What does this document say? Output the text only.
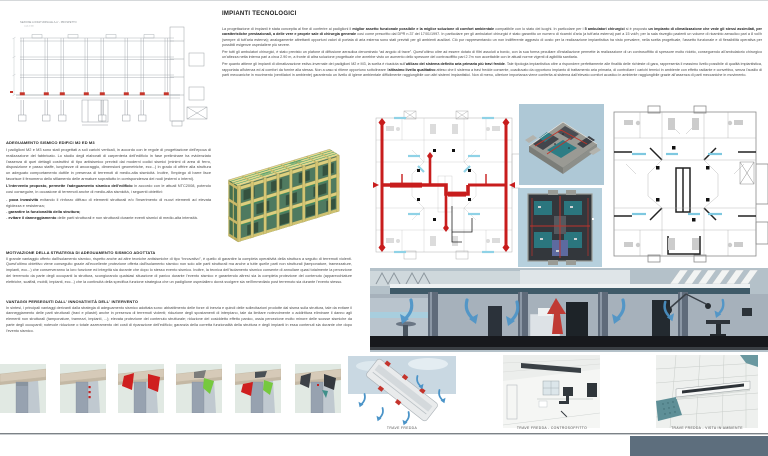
SEZIONE LONGITUDINALE A-A' - PROSPETTO
scala 1:100
IMPIANTI TECNOLOGICI

La progettazione di impianti è stata concepita al fine di conferire ai padiglioni il miglior assetto funzionale possibile e la miglior soluzione di comfort ambientale compatibile con lo stato dei luoghi. In particolare per i 5 ambulatori chirurgici si è proposto un impianto di climatizzazione che vede gli stessi assimilati, per caratteristiche prestazionali, a delle vere e proprie sale di chirurgia generale così come prescritto dal DPR n.37 del 17/01/1997. In particolare per gli ambulatori chirurgici è stato garantito un numero di ricambi d'aria (a tutt'aria esterna) pari a 15 vol/h; per la sala risveglio pazienti un volume di ricambio aeraulico pari a 8 vol/h (sempre di tutt'aria esterna); analogamente altrettanti opportuni valori di portata di aria esterna sono stati previsti per gli ambienti ausiliari. Ciò pur rappresentando un non indifferente aggravio di costo per la realizzazione impiantistica ha visto prevalere, nella scelta progettuale, l'assetto funzionale e di flessibilità operativa per possibili esigenze ospedaliere più severe.

Per tutti gli ambulatori chirurgici, è stato previsto un plafone di diffusione aeraulica denominato “ad angolo di trave”. Quest'ultimo oltre ad essere dotato di filtri assoluti a bordo, con la sua forma peculiare d'installazione permette la realizzazione di un controsoffitto di spessore molto ridotto, conseguendo all'ambulatorio chirurgico un'altezza netta interna pari a circa 2.90 m, a fronte di altra soluzione progettuale che avrebbe visto un aumento dello spessore del controsoffitto pari 2.7m non accettabile con le attuali norme vigenti di agibilità sanitaria.

Per quanto attiene gli impianti di climatizzazione estivo-invernale dei padiglioni M2 e M3, la scelta è ricaduta sull'utilizzo del sistema definito aria primaria più travi fredde. Tale tipologia impiantistica oltre a rispondere perfettamente alle finalità delle richieste di gara, rappresenta il massimo livello possibile di qualità impiantistica, rapportata all'utenza ed al comfort da fornire alla stessa. Non a caso si ritiene opportuno sottolineare l'altissimo livello qualitativo atteso che il sistema a travi fredde consente, coadiuvato da opportuno impianto di trattamento aria primaria, di controllare i carichi termici in ambiente con effetto radiante e convettivo, senza l'ausilio di parti meccaniche in movimento (ventilatori in ambiente) garantendo un livello di igiene ambientale difficilmente raggiungibile con altri sistemi impiantistici. Non di meno, ulteriore importanza viene conferita al sistema dall'elevato comfort acustico in ambiente raggiungibile grazie all'assenza di parti meccaniche in movimento.

ADEGUAMENTO SISMICO EDIFICI M2 ED M3

I padiglioni M2 e M3 sono stati progettati a soli carichi verticali, in accordo con le regole di progettazione dell'epoca di realizzazione del fabbricato. Lo studio degli elaborati di carpenteria dell'edificio in fase preliminare ha evidenziato l'assenza di quei dettagli costruttivi di tipo antisismico previsti dai moderni codici sismici (minimi di area di ferro, disposizione e passo staffe, lunghezze di ancoraggio, dimensioni geometriche, ecc...) in grado di offrire alla struttura un adeguato comportamento duttile in presenza di terremoti di medio-alta sismicità. Inoltre, l'impiego di barre lisce favorisce il fenomeno dello sfilamento delle armature soprattutto in corrispondenza dei nodi (esterni o interni).

L'intervento proposto, permette l'adeguamento sismico dell'edificio in accordo con le attuali NTC2008, potendo così conseguire, in occasione di terremoti anche di medio-alta sismicità, i seguenti obiettivi:

- poca invasività evitando il rinforzo diffuso di elementi strutturali e/o l'inserimento di nuovi elementi ad elevata rigidezza e resistenza;
- garantire la funzionalità della struttura;
- evitare il danneggiamento delle parti strutturali e non strutturali durante eventi sismici di medio-alta intensità.
MOTIVAZIONE DELLA STRATEGIA DI ADEGUAMENTO SISMICO ADOTTATA

Il grande vantaggio offerto dall'isolamento sismico, rispetto anche ad altre tecniche antisismiche di tipo “innovativo”, è quello di garantire la completa operatività della struttura a seguito di terremoti violenti. Quest'ultimo obiettivo viene conseguito grazie all'eccellente protezione offerta dall'isolamento sismico non solo alle parti strutturali ma anche a tutte quelle parti non strutturali (tamponature, tramezzature, impianti, ecc...) che conserveranno la loro funzione ed integrità sia durante che dopo lo stesso evento sismico. Inoltre, la tecnica dell'isolamento sismico consente di annullare quasi totalmente la percezione del terremoto da parte degli occupanti la struttura, scongiurando qualsiasi situazione di panico durante l'evento sismico e garantendo altresì sia la completa protezione del contenuto (apparecchiature elettriche, scaffali, mobili, impianti, ecc...) che la continuità della specifica funzione strategica che un padiglione ospedaliero dovrà svolgere sia nell'immediato post terremoto sia durante l'evento stesso.

VANTAGGI PERSEGUITI DALL' INNOVATIVITÀ DELL' INTERVENTO

In sintesi, i principali vantaggi derivanti dalla strategia di adeguamento sismico adottata sono: abbattimento delle forze di inerzia e quindi delle sollecitazioni prodotte dal sisma sulla struttura, tale da evitare il danneggiamento delle parti strutturali (travi e pilastri) anche in presenza di terremoti violenti; riduzione degli spostamenti di interpiano, tale da limitare notevolmente o addirittura eliminare il danno agli elementi non strutturali (tamponature, tramezzi, impianti, ...); elevata protezione del contenuto strutturale; riduzione del cosiddetto effetto panico, ossia percezione molto minore delle scosse sismiche da parte degli occupanti; notevole riduzione o totale azzeramento dei costi di riparazione dell'edificio; garanzia della corretta funzionalità della struttura e degli impianti in essa contenuti sia durante che dopo l'evento sismico.

TRAVE FREDDA	TRAVE FREDDA - CONTROSOFFITTO	TRAVE FREDDA - VISTA IN AMBIENTE
